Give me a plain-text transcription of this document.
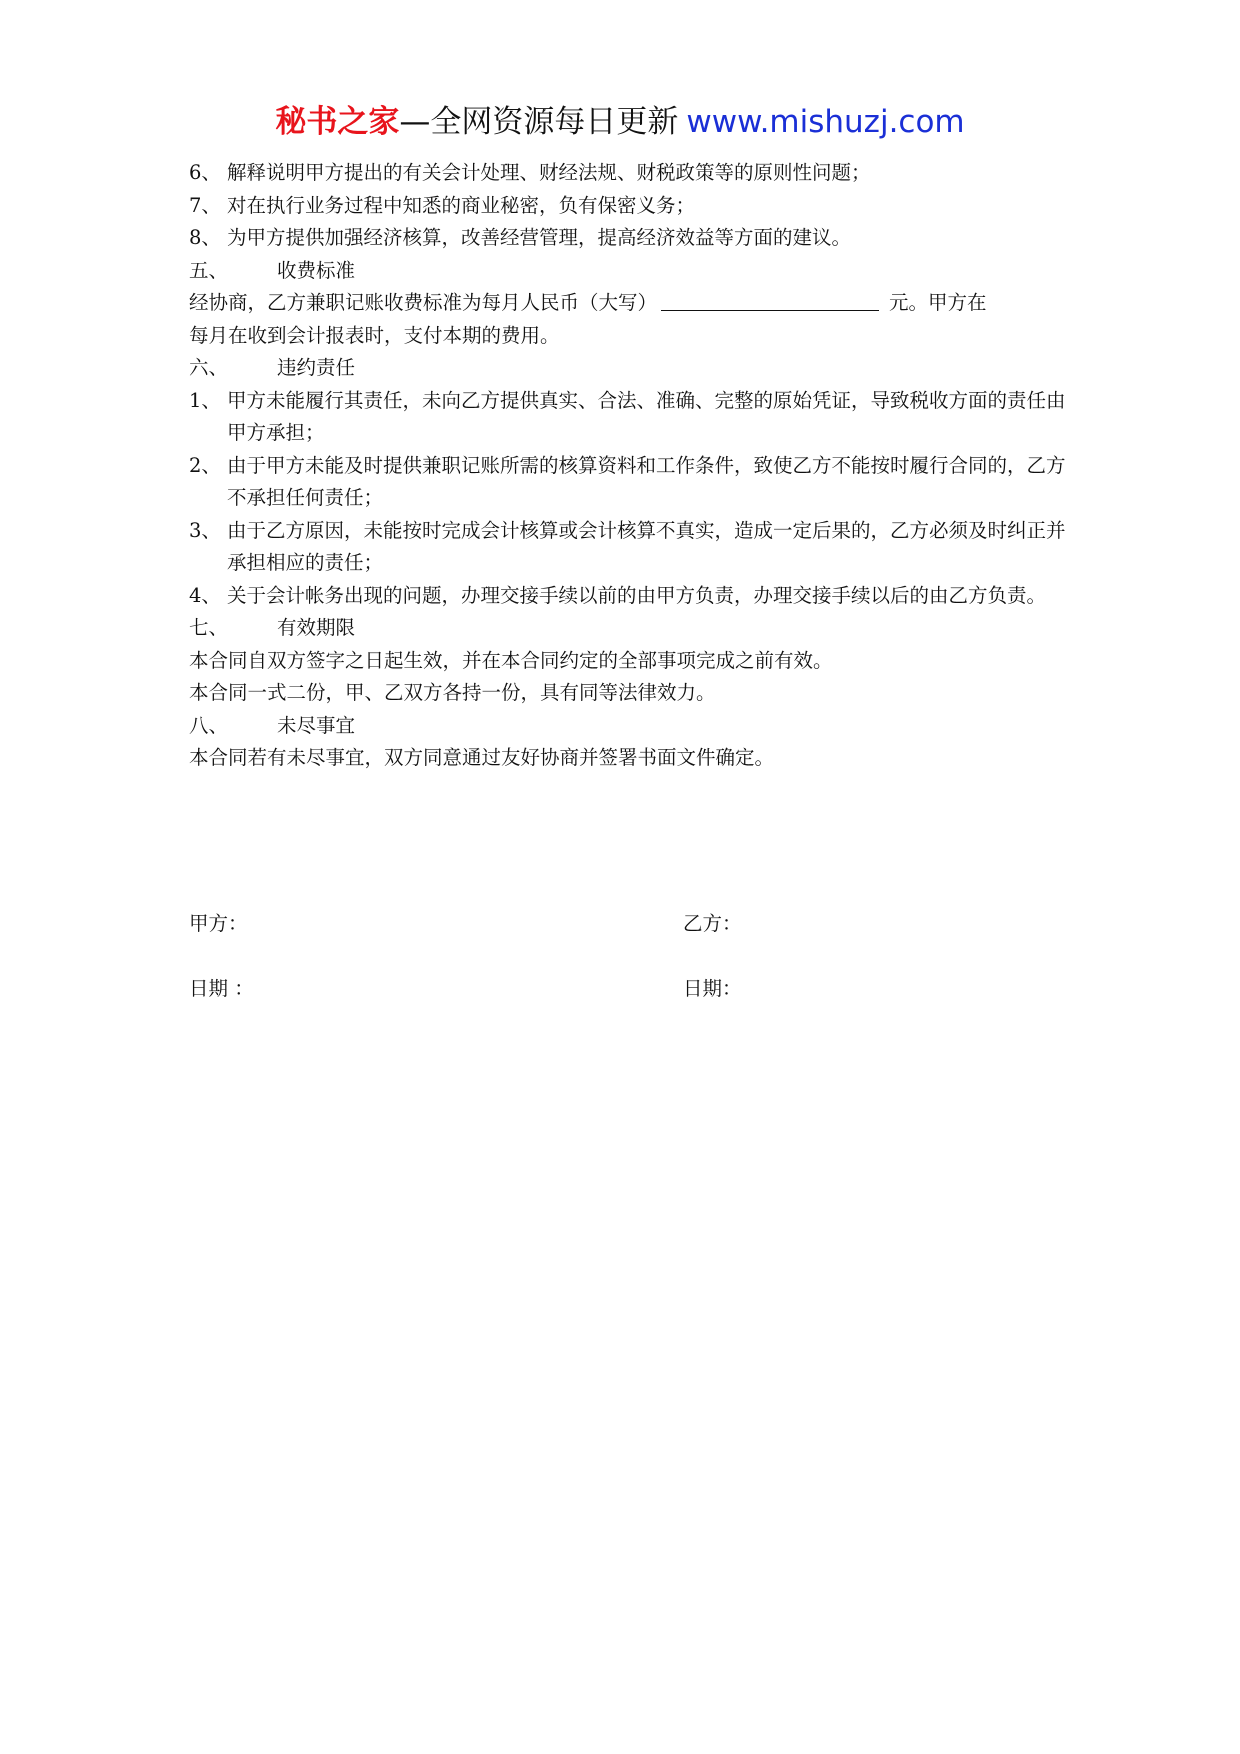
秘书之家—全网资源每日更新 www.mishuzj.com
6、 解释说明甲方提出的有关会计处理、财经法规、财税政策等的原则性问题；
7、 对在执行业务过程中知悉的商业秘密，负有保密义务；
8、 为甲方提供加强经济核算，改善经营管理，提高经济效益等方面的建议。
五、	收费标准
经协商，乙方兼职记账收费标准为每月人民币（大写）	元。甲方在
每月在收到会计报表时，支付本期的费用。
六、	违约责任
1、 甲方未能履行其责任，未向乙方提供真实、合法、准确、完整的原始凭证，导致税收方面的责任由甲方承担；
2、 由于甲方未能及时提供兼职记账所需的核算资料和工作条件，致使乙方不能按时履行合同的，乙方不承担任何责任；
3、 由于乙方原因，未能按时完成会计核算或会计核算不真实，造成一定后果的，乙方必须及时纠正并承担相应的责任；
4、 关于会计帐务出现的问题，办理交接手续以前的由甲方负责，办理交接手续以后的由乙方负责。
七、	有效期限
本合同自双方签字之日起生效，并在本合同约定的全部事项完成之前有效。
本合同一式二份，甲、乙双方各持一份，具有同等法律效力。
八、	未尽事宜
本合同若有未尽事宜，双方同意通过友好协商并签署书面文件确定。
甲方：	乙方：
日期 ：	日期：
